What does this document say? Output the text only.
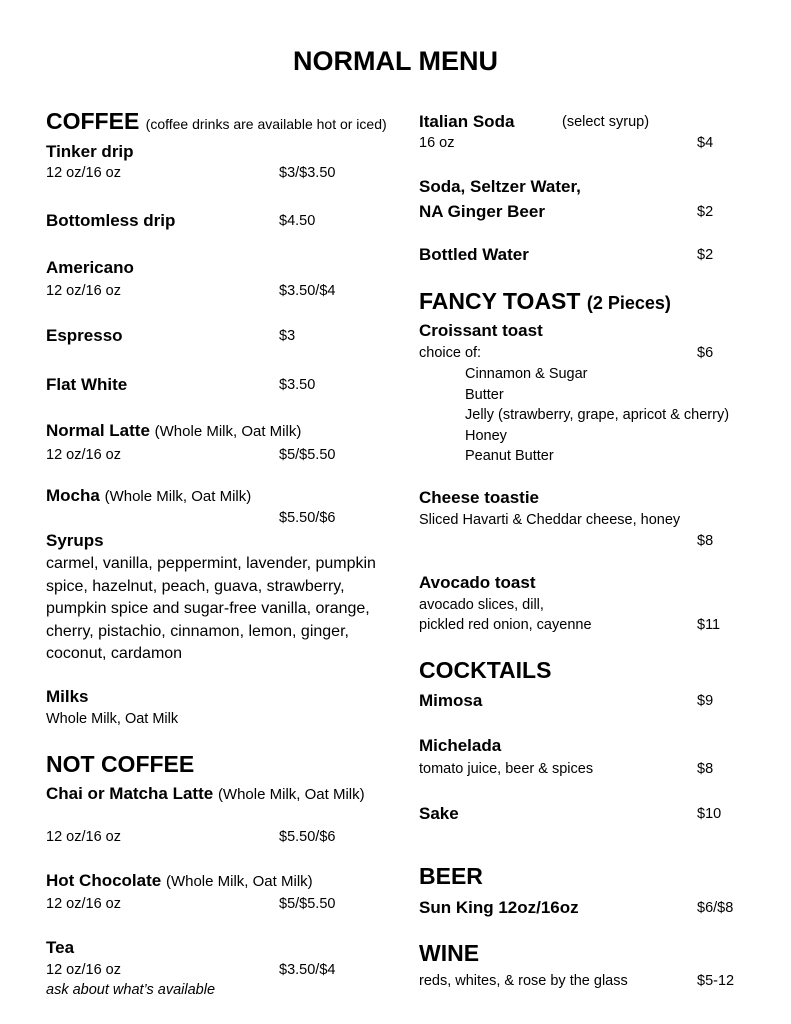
NORMAL MENU
COFFEE (coffee drinks are available hot or iced)
Tinker drip
12 oz/16 oz	$3/$3.50
Bottomless drip	$4.50
Americano
12 oz/16 oz	$3.50/$4
Espresso	$3
Flat White	$3.50
Normal Latte (Whole Milk, Oat Milk)
12 oz/16 oz	$5/$5.50
Mocha (Whole Milk, Oat Milk)
$5.50/$6
Syrups
carmel, vanilla, peppermint, lavender, pumpkin spice, hazelnut, peach, guava, strawberry, pumpkin spice and sugar-free vanilla, orange, cherry, pistachio, cinnamon, lemon, ginger, coconut, cardamon
Milks
Whole Milk, Oat Milk
NOT COFFEE
Chai or Matcha Latte (Whole Milk, Oat Milk)
12 oz/16 oz	$5.50/$6
Hot Chocolate (Whole Milk, Oat Milk)
12 oz/16 oz	$5/$5.50
Tea
12 oz/16 oz	$3.50/$4
ask about what’s available
Italian Soda	(select syrup)
16 oz	$4
Soda, Seltzer Water,
NA Ginger Beer	$2
Bottled Water	$2
FANCY TOAST (2 Pieces)
Croissant toast
choice of:	$6
Cinnamon & Sugar
Butter
Jelly (strawberry, grape, apricot & cherry)
Honey
Peanut Butter
Cheese toastie
Sliced Havarti & Cheddar cheese, honey
$8
Avocado toast
avocado slices, dill,
pickled red onion, cayenne	$11
COCKTAILS
Mimosa	$9
Michelada
tomato juice, beer & spices	$8
Sake	$10
BEER
Sun King 12oz/16oz	$6/$8
WINE
reds, whites, & rose by the glass	$5-12
